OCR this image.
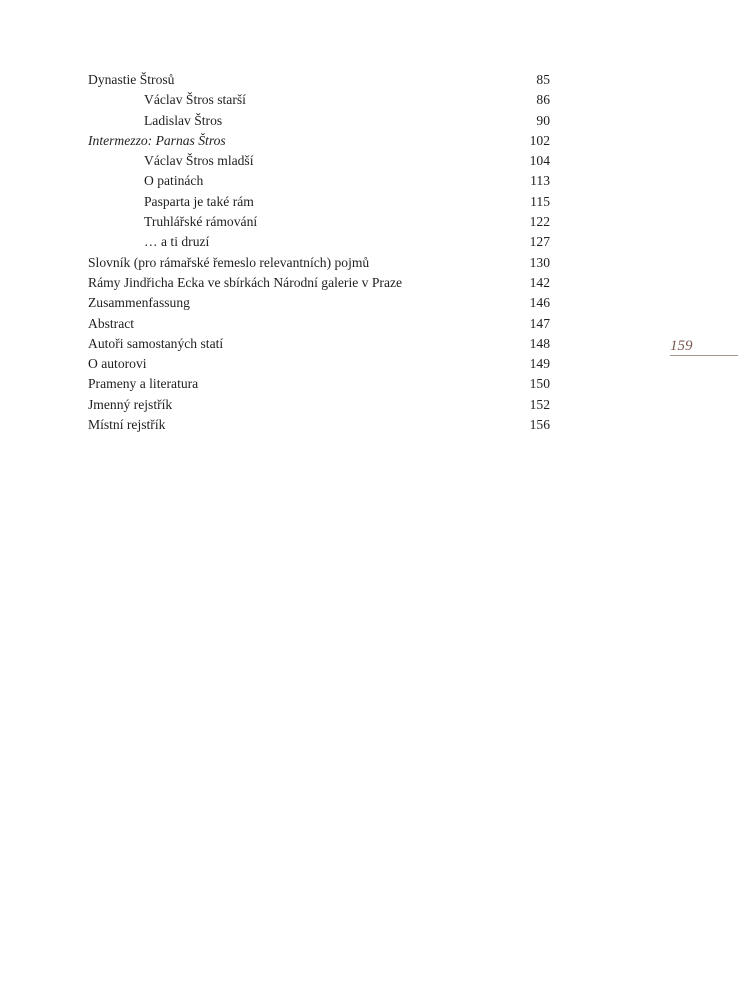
Dynastie Štrosů	85
Václav Štros starší	86
Ladislav Štros	90
Intermezzo: Parnas Štros	102
Václav Štros mladší	104
O patinách	113
Pasparta je také rám	115
Truhlářské rámování	122
… a ti druzí	127
Slovník (pro rámařské řemeslo relevantních) pojmů	130
Rámy Jindřicha Ecka ve sbírkách Národní galerie v Praze	142
Zusammenfassung	146
Abstract	147
Autoři samostaných statí	148
O autorovi	149
Prameny a literatura	150
Jmenný rejstřík	152
Místní rejstřík	156
159
